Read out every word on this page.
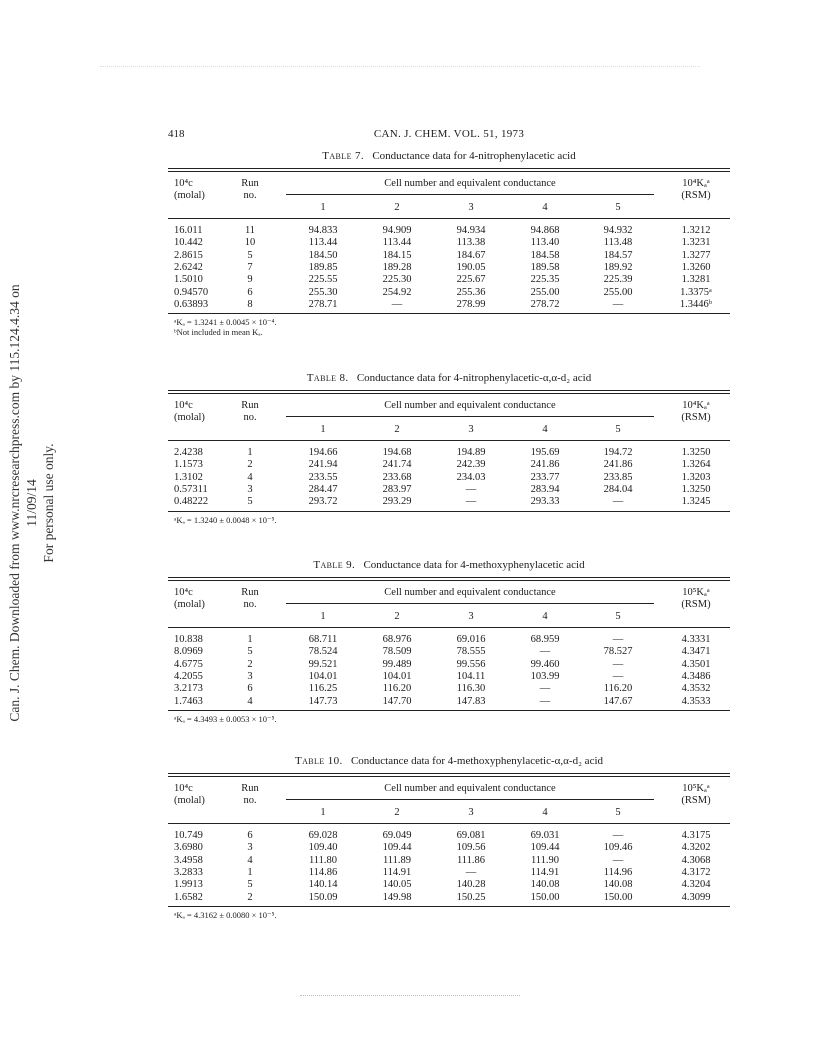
Can. J. Chem. Downloaded from www.nrcresearchpress.com by 115.124.4.34 on 11/09/14 For personal use only.
418	CAN. J. CHEM. VOL. 51, 1973
Table 7. Conductance data for 4-nitrophenylacetic acid
10⁴c
(molal)
Run
no.
Cell number and equivalent conductance
1	2	3	4	5
10⁴Kₐᵃ
(RSM)
16.011	11	94.833	94.909	94.934	94.868	94.932	1.3212
10.442	10	113.44	113.44	113.38	113.40	113.48	1.3231
2.8615	5	184.50	184.15	184.67	184.58	184.57	1.3277
2.6242	7	189.85	189.28	190.05	189.58	189.92	1.3260
1.5010	9	225.55	225.30	225.67	225.35	225.39	1.3281
0.94570	6	255.30	254.92	255.36	255.00	255.00	1.3375ᵃ
0.63893	8	278.71	—	278.99	278.72	—	1.3446ᵇ
ᵃKₐ = 1.3241 ± 0.0045 × 10⁻⁴.
ᵇNot included in mean Kₐ.
Table 8. Conductance data for 4-nitrophenylacetic-α,α-d₂ acid
10⁴c
(molal)
Run
no.
Cell number and equivalent conductance
1	2	3	4	5
10⁴Kₐᵃ
(RSM)
2.4238	1	194.66	194.68	194.89	195.69	194.72	1.3250
1.1573	2	241.94	241.74	242.39	241.86	241.86	1.3264
1.3102	4	233.55	233.68	234.03	233.77	233.85	1.3203
0.57311	3	284.47	283.97	—	283.94	284.04	1.3250
0.48222	5	293.72	293.29	—	293.33	—	1.3245
ᵃKₐ = 1.3240 ± 0.0048 × 10⁻⁵.
Table 9. Conductance data for 4-methoxyphenylacetic acid
10⁴c
(molal)
Run
no.
Cell number and equivalent conductance
1	2	3	4	5
10⁵Kₐᵃ
(RSM)
10.838	1	68.711	68.976	69.016	68.959	—	4.3331
8.0969	5	78.524	78.509	78.555	—	78.527	4.3471
4.6775	2	99.521	99.489	99.556	99.460	—	4.3501
4.2055	3	104.01	104.01	104.11	103.99	—	4.3486
3.2173	6	116.25	116.20	116.30	—	116.20	4.3532
1.7463	4	147.73	147.70	147.83	—	147.67	4.3533
ᵃKₐ = 4.3493 ± 0.0053 × 10⁻⁵.
Table 10. Conductance data for 4-methoxyphenylacetic-α,α-d₂ acid
10⁴c
(molal)
Run
no.
Cell number and equivalent conductance
1	2	3	4	5
10⁵Kₐᵃ
(RSM)
10.749	6	69.028	69.049	69.081	69.031	—	4.3175
3.6980	3	109.40	109.44	109.56	109.44	109.46	4.3202
3.4958	4	111.80	111.89	111.86	111.90	—	4.3068
3.2833	1	114.86	114.91	—	114.91	114.96	4.3172
1.9913	5	140.14	140.05	140.28	140.08	140.08	4.3204
1.6582	2	150.09	149.98	150.25	150.00	150.00	4.3099
ᵃKₐ = 4.3162 ± 0.0080 × 10⁻⁵.
